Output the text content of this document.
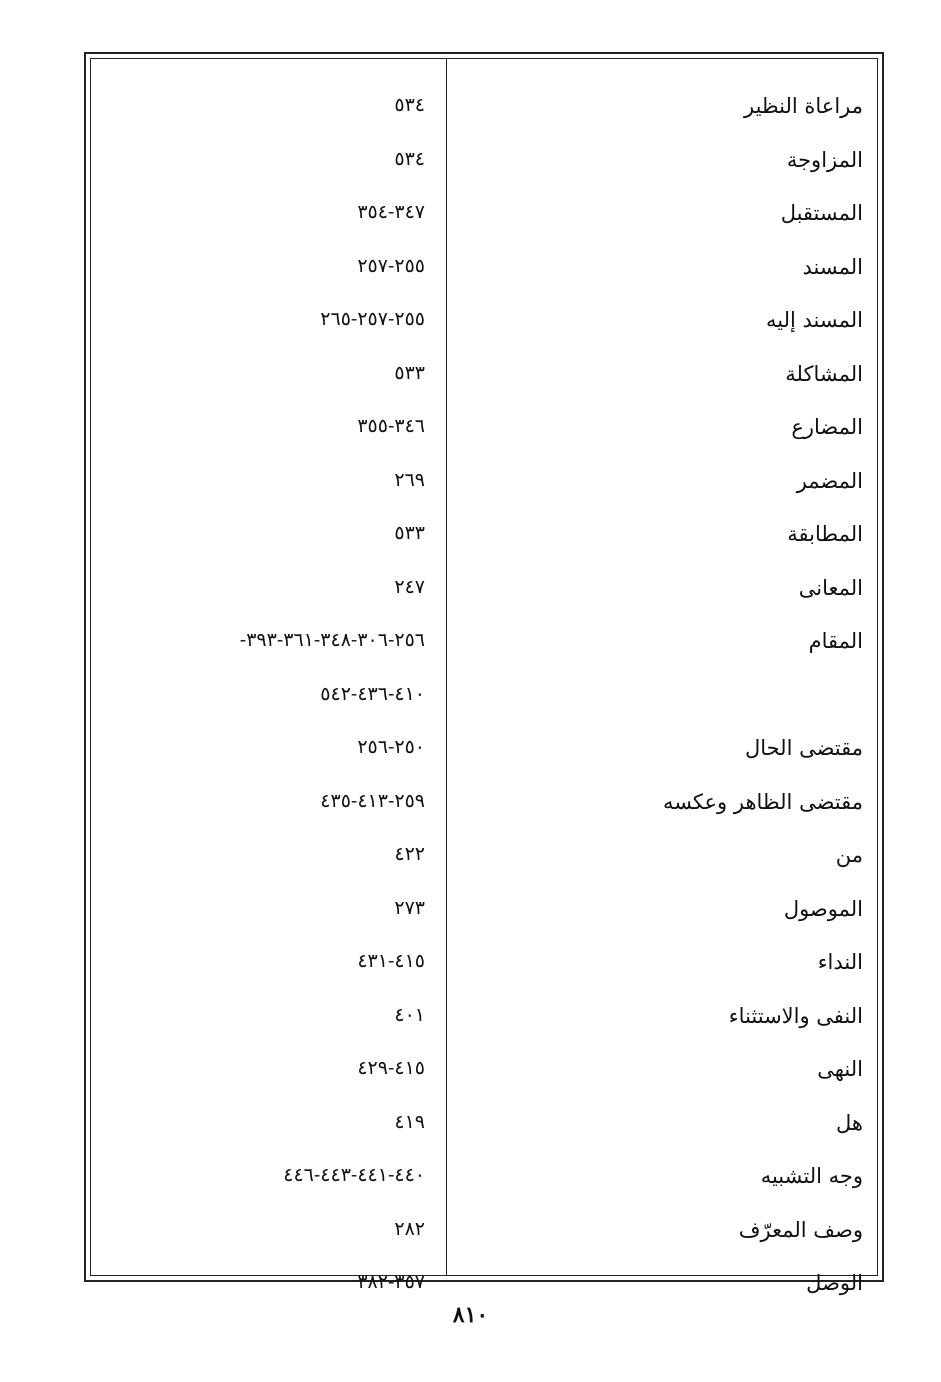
مراعاة النظير
٥٣٤
المزاوجة
٥٣٤
المستقبل
٣٤٧-٣٥٤
المسند
٢٥٥-٢٥٧
المسند إليه
٢٥٥-٢٥٧-٢٦٥
المشاكلة
٥٣٣
المضارع
٣٤٦-٣٥٥
المضمر
٢٦٩
المطابقة
٥٣٣
المعانى
٢٤٧
المقام
٢٥٦-٣٠٦-٣٤٨-٣٦١-٣٩٣-
٤١٠-٤٣٦-٥٤٢
مقتضى الحال
٢٥٠-٢٥٦
مقتضى الظاهر وعكسه
٢٥٩-٤١٣-٤٣٥
من
٤٢٢
الموصول
٢٧٣
النداء
٤١٥-٤٣١
النفى والاستثناء
٤٠١
النهى
٤١٥-٤٢٩
هل
٤١٩
وجه التشبيه
٤٤٠-٤٤١-٤٤٣-٤٤٦
وصف المعرّف
٢٨٢
الوصل
٣٥٧-٣٨٢
٨١٠
